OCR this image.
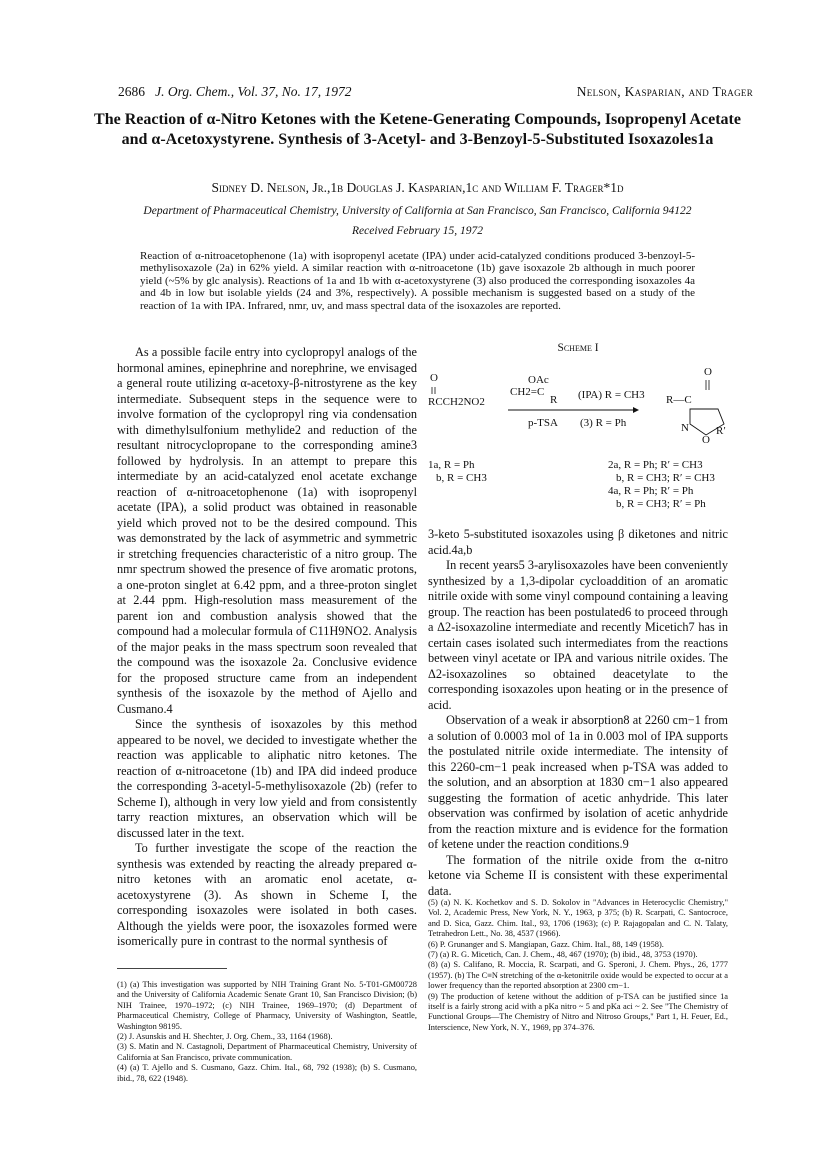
2686 J. Org. Chem., Vol. 37, No. 17, 1972	Nelson, Kasparian, and Trager
The Reaction of α-Nitro Ketones with the Ketene-Generating Compounds, Isopropenyl Acetate and α-Acetoxystyrene. Synthesis of 3-Acetyl- and 3-Benzoyl-5-Substituted Isoxazoles1a
Sidney D. Nelson, Jr.,1b Douglas J. Kasparian,1c and William F. Trager*1d
Department of Pharmaceutical Chemistry, University of California at San Francisco, San Francisco, California 94122
Received February 15, 1972
Reaction of α-nitroacetophenone (1a) with isopropenyl acetate (IPA) under acid-catalyzed conditions produced 3-benzoyl-5-methylisoxazole (2a) in 62% yield. A similar reaction with α-nitroacetone (1b) gave isoxazole 2b although in much poorer yield (~5% by glc analysis). Reactions of 1a and 1b with α-acetoxystyrene (3) also produced the corresponding isoxazoles 4a and 4b in low but isolable yields (24 and 3%, respectively). A possible mechanism is suggested based on a study of the reaction of 1a with IPA. Infrared, nmr, uv, and mass spectral data of the isoxazoles are reported.

As a possible facile entry into cyclopropyl analogs of the hormonal amines, epinephrine and norephrine, we envisaged a general route utilizing α-acetoxy-β-nitrostyrene as the key intermediate. Subsequent steps in the sequence were to involve formation of the cyclopropyl ring via condensation with dimethylsulfonium methylide2 and reduction of the resultant nitrocyclopropane to the corresponding amine3 followed by hydrolysis. In an attempt to prepare this intermediate by an acid-catalyzed enol acetate exchange reaction of α-nitroacetophenone (1a) with isopropenyl acetate (IPA), a solid product was obtained in reasonable yield which proved not to be the desired compound. This was demonstrated by the lack of asymmetric and symmetric ir stretching frequencies characteristic of a nitro group. The nmr spectrum showed the presence of five aromatic protons, a one-proton singlet at 6.42 ppm, and a three-proton singlet at 2.44 ppm. High-resolution mass measurement of the parent ion and combustion analysis showed that the compound had a molecular formula of C11H9NO2. Analysis of the major peaks in the mass spectrum soon revealed that the compound was the isoxazole 2a. Conclusive evidence for the proposed structure came from an independent synthesis of the isoxazole by the method of Ajello and Cusmano.4

Since the synthesis of isoxazoles by this method appeared to be novel, we decided to investigate whether the reaction was applicable to aliphatic nitro ketones. The reaction of α-nitroacetone (1b) and IPA did indeed produce the corresponding 3-acetyl-5-methylisoxazole (2b) (refer to Scheme I), although in very low yield and from consistently tarry reaction mixtures, an observation which will be discussed later in the text.

To further investigate the scope of the reaction the synthesis was extended by reacting the already prepared α-nitro ketones with an aromatic enol acetate, α-acetoxystyrene (3). As shown in Scheme I, the corresponding isoxazoles were isolated in both cases. Although the yields were poor, the isoxazoles formed were isomerically pure in contrast to the normal synthesis of

Scheme I
O
RCCH2NO2
OAc
CH2=C
R (IPA) R = CH3
p-TSA (3) R = Ph
O
R—C
N
O
R′
1a, R = Ph
b, R = CH3
2a, R = Ph; R′ = CH3
b, R = CH3; R′ = CH3
4a, R = Ph; R′ = Ph
b, R = CH3; R′ = Ph

3-keto 5-substituted isoxazoles using β diketones and nitric acid.4a,b

In recent years5 3-arylisoxazoles have been conveniently synthesized by a 1,3-dipolar cycloaddition of an aromatic nitrile oxide with some vinyl compound containing a leaving group. The reaction has been postulated6 to proceed through a Δ2-isoxazoline intermediate and recently Micetich7 has in certain cases isolated such intermediates from the reactions between vinyl acetate or IPA and various nitrile oxides. The Δ2-isoxazolines so obtained deacetylate to the corresponding isoxazoles upon heating or in the presence of acid.

Observation of a weak ir absorption8 at 2260 cm−1 from a solution of 0.0003 mol of 1a in 0.003 mol of IPA supports the postulated nitrile oxide intermediate. The intensity of this 2260-cm−1 peak increased when p-TSA was added to the solution, and an absorption at 1830 cm−1 also appeared suggesting the formation of acetic anhydride. This later observation was confirmed by isolation of acetic anhydride from the reaction mixture and is evidence for the formation of ketene under the reaction conditions.9

The formation of the nitrile oxide from the α-nitro ketone via Scheme II is consistent with these experimental data.

(1) (a) This investigation was supported by NIH Training Grant No. 5-T01-GM00728 and the University of California Academic Senate Grant 10, San Francisco Division; (b) NIH Trainee, 1970–1972; (c) NIH Trainee, 1969–1970; (d) Department of Pharmaceutical Chemistry, College of Pharmacy, University of Washington, Seattle, Washington 98195.

(2) J. Asunskis and H. Shechter, J. Org. Chem., 33, 1164 (1968).

(3) S. Matin and N. Castagnoli, Department of Pharmaceutical Chemistry, University of California at San Francisco, private communication.

(4) (a) T. Ajello and S. Cusmano, Gazz. Chim. Ital., 68, 792 (1938); (b) S. Cusmano, ibid., 78, 622 (1948).

(5) (a) N. K. Kochetkov and S. D. Sokolov in "Advances in Heterocyclic Chemistry," Vol. 2, Academic Press, New York, N. Y., 1963, p 375; (b) R. Scarpati, C. Santocroce, and D. Sica, Gazz. Chim. Ital., 93, 1706 (1963); (c) P. Rajagopalan and C. N. Talaty, Tetrahedron Lett., No. 38, 4537 (1966).

(6) P. Grunanger and S. Mangiapan, Gazz. Chim. Ital., 88, 149 (1958).

(7) (a) R. G. Micetich, Can. J. Chem., 48, 467 (1970); (b) ibid., 48, 3753 (1970).

(8) (a) S. Califano, R. Moccia, R. Scarpati, and G. Speroni, J. Chem. Phys., 26, 1777 (1957). (b) The C≡N stretching of the α-ketonitrile oxide would be expected to occur at a lower frequency than the reported absorption at 2300 cm−1.

(9) The production of ketene without the addition of p-TSA can be justified since 1a itself is a fairly strong acid with a pKa nitro ~ 5 and pKa aci ~ 2. See "The Chemistry of Functional Groups—The Chemistry of Nitro and Nitroso Groups," Part 1, H. Feuer, Ed., Interscience, New York, N. Y., 1969, pp 374–376.
